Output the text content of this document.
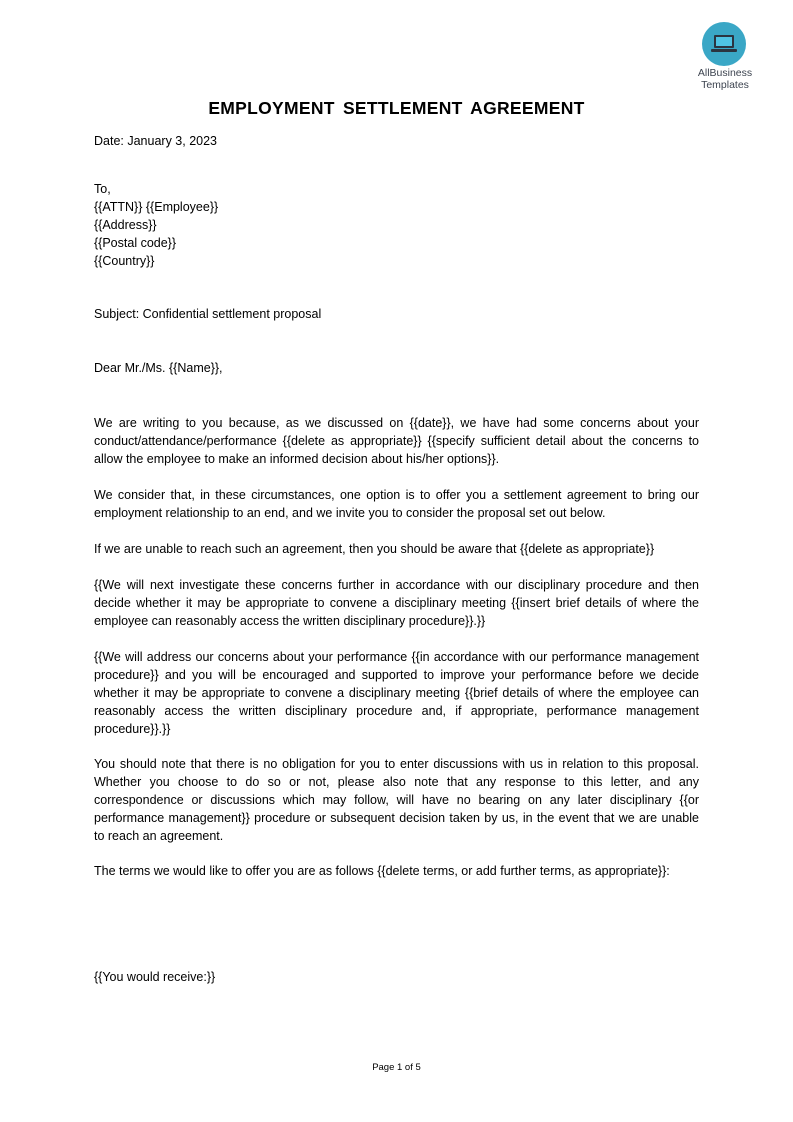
AllBusiness
Templates
EMPLOYMENT SETTLEMENT AGREEMENT
Date: January 3, 2023
To,
{{ATTN}} {{Employee}}
{{Address}}
{{Postal code}}
{{Country}}
Subject: Confidential settlement proposal
Dear Mr./Ms. {{Name}},
We are writing to you because, as we discussed on {{date}}, we have had some concerns about your conduct/attendance/performance {{delete as appropriate}} {{specify sufficient detail about the concerns to allow the employee to make an informed decision about his/her options}}.
We consider that, in these circumstances, one option is to offer you a settlement agreement to bring our employment relationship to an end, and we invite you to consider the proposal set out below.
If we are unable to reach such an agreement, then you should be aware that {{delete as appropriate}}
{{We will next investigate these concerns further in accordance with our disciplinary procedure and then decide whether it may be appropriate to convene a disciplinary meeting {{insert brief details of where the employee can reasonably access the written disciplinary procedure}}.}}
{{We will address our concerns about your performance {{in accordance with our performance management procedure}} and you will be encouraged and supported to improve your performance before we decide whether it may be appropriate to convene a disciplinary meeting {{brief details of where the employee can reasonably access the written disciplinary procedure and, if appropriate, performance management procedure}}.}}
You should note that there is no obligation for you to enter discussions with us in relation to this proposal. Whether you choose to do so or not, please also note that any response to this letter, and any correspondence or discussions which may follow, will have no bearing on any later disciplinary {{or performance management}} procedure or subsequent decision taken by us, in the event that we are unable to reach an agreement.
The terms we would like to offer you are as follows {{delete terms, or add further terms, as appropriate}}:
{{You would receive:}}
Page 1 of 5
